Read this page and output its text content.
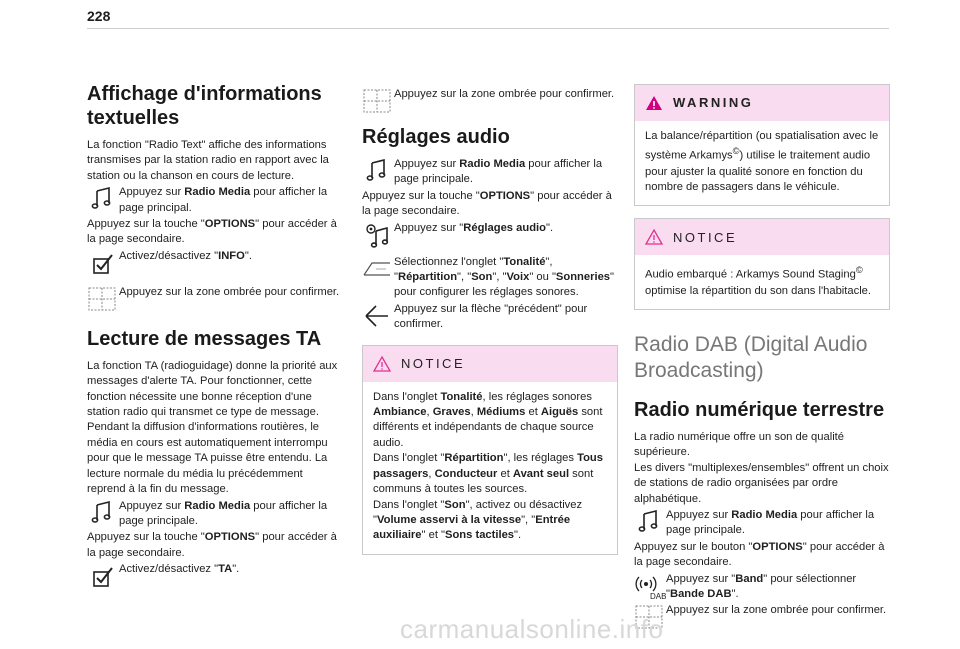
228
Affichage d'informations textuelles

La fonction "Radio Text" affiche des informations transmises par la station radio en rapport avec la station ou la chanson en cours de lecture.

Appuyez sur Radio Media pour afficher la page principal.

Appuyez sur la touche "OPTIONS" pour accéder à la page secondaire.

Activez/désactivez "INFO".
Appuyez sur la zone ombrée pour confirmer.
Lecture de messages TA

La fonction TA (radioguidage) donne la priorité aux messages d'alerte TA. Pour fonctionner, cette fonction nécessite une bonne réception d'une station radio qui transmet ce type de message. Pendant la diffusion d'informations routières, le média en cours est automatiquement interrompu pour que le message TA puisse être entendu. La lecture normale du média lu précédemment reprend à la fin du message.

Appuyez sur Radio Media pour afficher la page principale.

Appuyez sur la touche "OPTIONS" pour accéder à la page secondaire.

Activez/désactivez "TA".
Appuyez sur la zone ombrée pour confirmer.
Réglages audio
Appuyez sur Radio Media pour afficher la page principale.

Appuyez sur la touche "OPTIONS" pour accéder à la page secondaire.

Appuyez sur "Réglages audio".
Sélectionnez l'onglet "Tonalité", "Répartition", "Son", "Voix" ou "Sonneries" pour configurer les réglages sonores.
Appuyez sur la flèche "précédent" pour confirmer.
NOTICE

Dans l'onglet Tonalité, les réglages sonores Ambiance, Graves, Médiums et Aiguës sont différents et indépendants de chaque source audio.

Dans l'onglet "Répartition", les réglages Tous passagers, Conducteur et Avant seul sont communs à toutes les sources.

Dans l'onglet "Son", activez ou désactivez "Volume asservi à la vitesse", "Entrée auxiliaire" et "Sons tactiles".

WARNING

La balance/répartition (ou spatialisation avec le système Arkamys©) utilise le traitement audio pour ajuster la qualité sonore en fonction du nombre de passagers dans le véhicule.

NOTICE

Audio embarqué : Arkamys Sound Staging© optimise la répartition du son dans l'habitacle.

Radio DAB (Digital Audio Broadcasting)
Radio numérique terrestre

La radio numérique offre un son de qualité supérieure.

Les divers "multiplexes/ensembles" offrent un choix de stations de radio organisées par ordre alphabétique.

Appuyez sur Radio Media pour afficher la page principale.

Appuyez sur le bouton "OPTIONS" pour accéder à la page secondaire.

DAB
Appuyez sur "Band" pour sélectionner "Bande DAB".
Appuyez sur la zone ombrée pour confirmer.
carmanualsonline.info
